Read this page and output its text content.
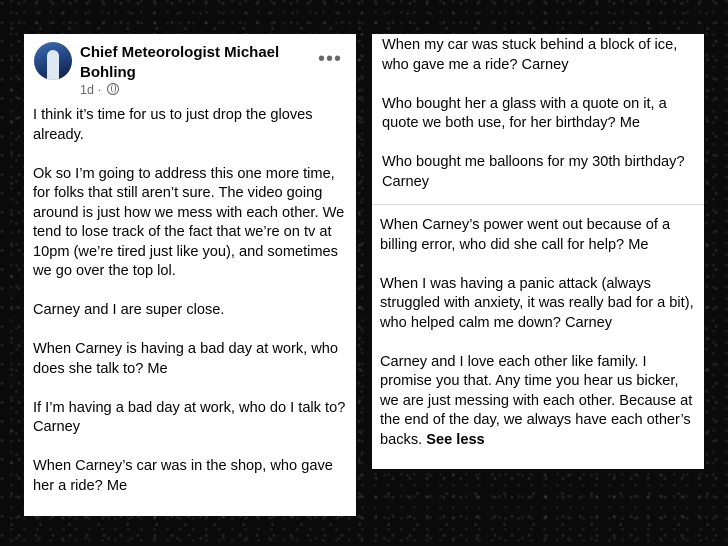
Chief Meteorologist Michael Bohling
1d ·
•••

I think it’s time for us to just drop the gloves already.

Ok so I’m going to address this one more time, for folks that still aren’t sure. The video going around is just how we mess with each other. We tend to lose track of the fact that we’re on tv at 10pm (we’re tired just like you), and sometimes we go over the top lol.

Carney and I are super close.

When Carney is having a bad day at work, who does she talk to? Me

If I’m having a bad day at work, who do I talk to? Carney

When Carney’s car was in the shop, who gave her a ride? Me

When my car was stuck behind a block of ice, who gave me a ride? Carney

Who bought her a glass with a quote on it, a quote we both use, for her birthday? Me

Who bought me balloons for my 30th birthday? Carney

When Carney’s power went out because of a billing error, who did she call for help? Me

When I was having a panic attack (always struggled with anxiety, it was really bad for a bit), who helped calm me down? Carney

Carney and I love each other like family. I promise you that. Any time you hear us bicker, we are just messing with each other. Because at the end of the day, we always have each other’s backs. See less
